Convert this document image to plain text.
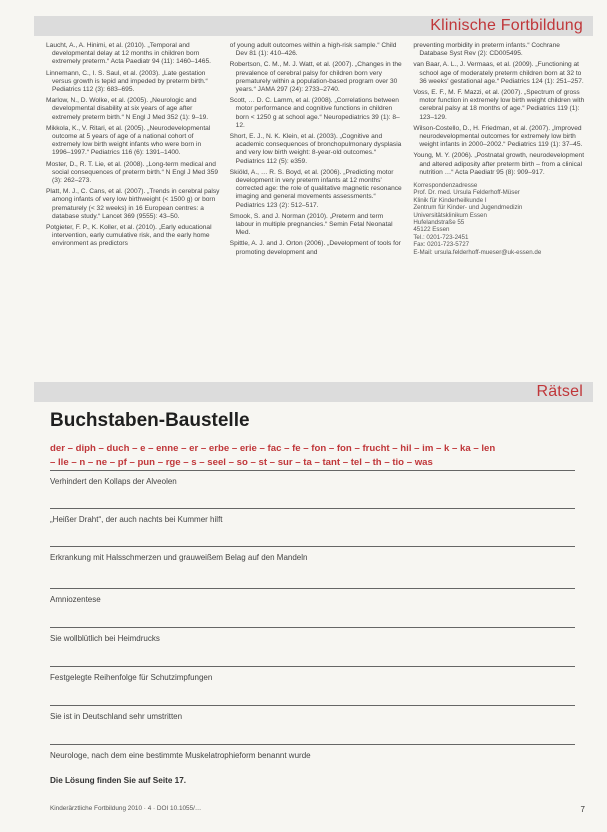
Klinische Fortbildung

Laucht, A., A. Hinimi, et al. (2010). „Temporal and developmental delay at 12 months in children born extremely preterm.“ Acta Paediatr 94 (11): 1460–1465.

Linnemann, C., I. S. Saul, et al. (2003). „Late gestation versus growth is tepid and impeded by preterm birth.“ Pediatrics 112 (3): 683–695.

Marlow, N., D. Wolke, et al. (2005). „Neurologic and developmental disability at six years of age after extremely preterm birth.“ N Engl J Med 352 (1): 9–19.

Mikkola, K., V. Ritari, et al. (2005). „Neurodevelopmental outcome at 5 years of age of a national cohort of extremely low birth weight infants who were born in 1996–1997.“ Pediatrics 116 (6): 1391–1400.

Moster, D., R. T. Lie, et al. (2008). „Long-term medical and social consequences of preterm birth.“ N Engl J Med 359 (3): 262–273.

Platt, M. J., C. Cans, et al. (2007). „Trends in cerebral palsy among infants of very low birthweight (< 1500 g) or born prematurely (< 32 weeks) in 16 European centres: a database study.“ Lancet 369 (9555): 43–50.

Potgieter, F. P., K. Koller, et al. (2010). „Early educational intervention, early cumulative risk, and the early home environment as predictors

of young adult outcomes within a high-risk sample.“ Child Dev 81 (1): 410–426.

Robertson, C. M., M. J. Watt, et al. (2007). „Changes in the prevalence of cerebral palsy for children born very prematurely within a population-based program over 30 years.“ JAMA 297 (24): 2733–2740.

Scott, … D. C. Lamm, et al. (2008). „Correlations between motor performance and cognitive functions in children born < 1250 g at school age.“ Neuropediatrics 39 (1): 8–12.

Short, E. J., N. K. Klein, et al. (2003). „Cognitive and academic consequences of bronchopulmonary dysplasia and very low birth weight: 8-year-old outcomes.“ Pediatrics 112 (5): e359.

Skiöld, A., … R. S. Boyd, et al. (2006). „Predicting motor development in very preterm infants at 12 months' corrected age: the role of qualitative magnetic resonance imaging and general movements assessments.“ Pediatrics 123 (2): 512–517.

Smook, S. and J. Norman (2010). „Preterm and term labour in multiple pregnancies.“ Semin Fetal Neonatal Med.

Spittle, A. J. and J. Orton (2006). „Development of tools for promoting development and

preventing morbidity in preterm infants.“ Cochrane Database Syst Rev (2): CD005495.

van Baar, A. L., J. Vermaas, et al. (2009). „Functioning at school age of moderately preterm children born at 32 to 36 weeks' gestational age.“ Pediatrics 124 (1): 251–257.

Voss, E. F., M. F. Mazzi, et al. (2007). „Spectrum of gross motor function in extremely low birth weight children with cerebral palsy at 18 months of age.“ Pediatrics 119 (1): 123–129.

Wilson-Costello, D., H. Friedman, et al. (2007). „Improved neurodevelopmental outcomes for extremely low birth weight infants in 2000–2002.“ Pediatrics 119 (1): 37–45.

Young, M. Y. (2006). „Postnatal growth, neurodevelopment and altered adiposity after preterm birth – from a clinical nutrition …“ Acta Paediatr 95 (8): 909–917.

Korrespondenzadresse
Prof. Dr. med. Ursula Felderhoff-Müser
Klinik für Kinderheilkunde I
Zentrum für Kinder- und Jugendmedizin
Universitätsklinikum Essen
Hufelandstraße 55
45122 Essen
Tel.: 0201-723-2451
Fax: 0201-723-5727
E-Mail: ursula.felderhoff-mueser@uk-essen.de
Rätsel
Buchstaben-Baustelle
der – diph – duch – e – enne – er – erbe – erie – fac – fe – fon – fon – frucht – hil – im – k – ka – len
– lle – n – ne – pf – pun – rge – s – seel – so – st – sur – ta – tant – tel – th – tio – was
Verhindert den Kollaps der Alveolen
„Heißer Draht“, der auch nachts bei Kummer hilft
Erkrankung mit Halsschmerzen und grauweißem Belag auf den Mandeln
Amniozentese
Sie wollblütlich bei Heimdrucks
Festgelegte Reihenfolge für Schutzimpfungen
Sie ist in Deutschland sehr umstritten
Neurologe, nach dem eine bestimmte Muskelatrophieform benannt wurde
Die Lösung finden Sie auf Seite 17.
Kinderärztliche Fortbildung 2010 · 4 · DOI 10.1055/…	7
